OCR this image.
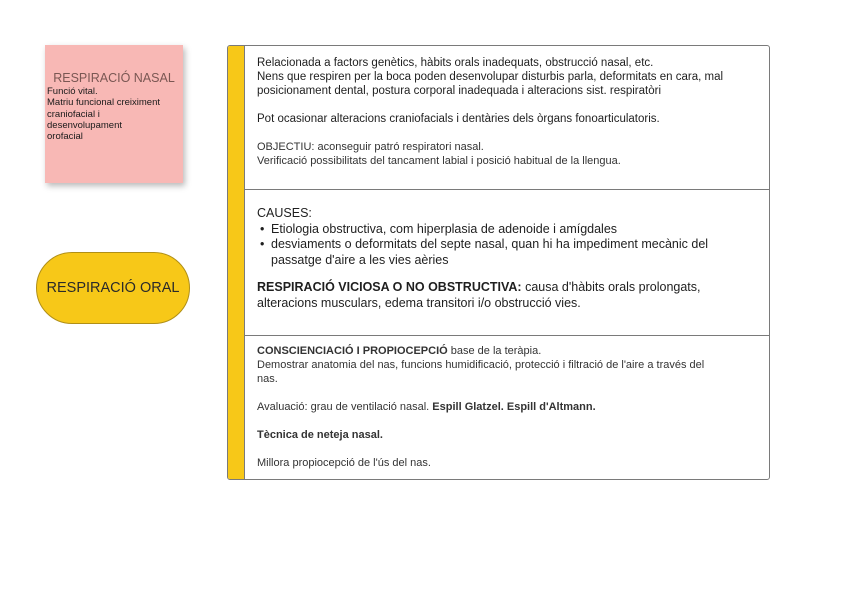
RESPIRACIÓ NASAL
Funció vital.
Matriu funcional creiximent
craniofacial i
desenvolupament
orofacial
RESPIRACIÓ ORAL
Relacionada a factors genètics, hàbits orals inadequats, obstrucció nasal, etc.
Nens que respiren per la boca poden desenvolupar disturbis parla, deformitats en cara, mal
posicionament dental, postura corporal inadequada i alteracions sist. respiratòri
Pot ocasionar alteracions craniofacials i dentàries dels òrgans fonoarticulatoris.
OBJECTIU: aconseguir patró respiratori nasal.
Verificació possibilitats del tancament labial i posició habitual de la llengua.
CAUSES:
• Etiologia obstructiva, com hiperplasia de adenoide i amígdales
• desviaments o deformitats del septe nasal, quan hi ha impediment mecànic del
passatge d'aire a les vies aèries
RESPIRACIÓ VICIOSA O NO OBSTRUCTIVA: causa d'hàbits orals prolongats,
alteracions musculars, edema transitori i/o obstrucció vies.
CONSCIENCIACIÓ I PROPIOCEPCIÓ base de la teràpia.
Demostrar anatomia del nas, funcions humidificació, protecció i filtració de l'aire a través del
nas.
Avaluació: grau de ventilació nasal. Espill Glatzel. Espill d'Altmann.
Tècnica de neteja nasal.
Millora propiocepció de l'ús del nas.
